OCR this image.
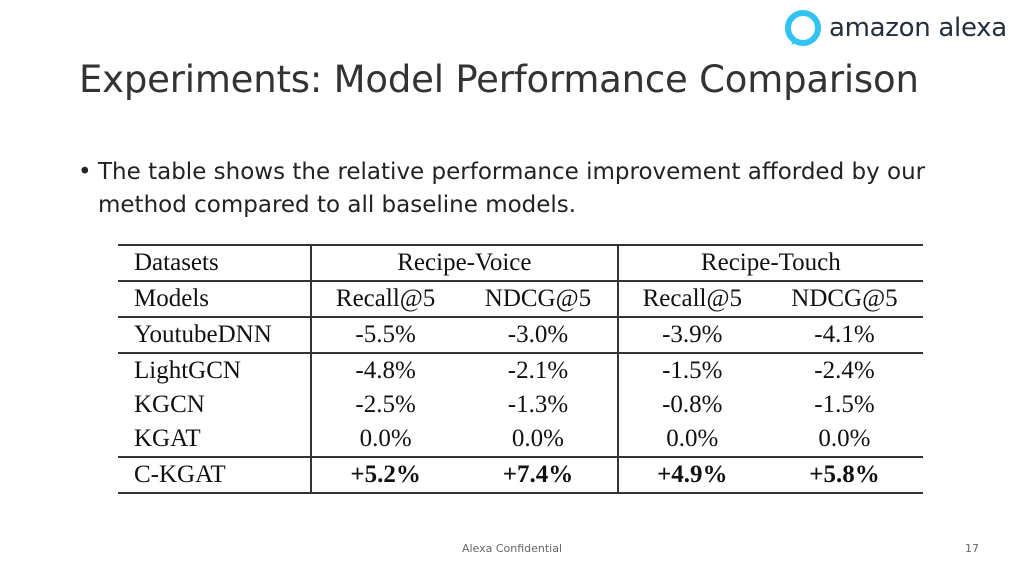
amazon alexa
Experiments: Model Performance Comparison
• The table shows the relative performance improvement afforded by our method compared to all baseline models.
Datasets	Recipe-Voice		Recipe-Touch	
Models	Recall@5	NDCG@5	Recall@5	NDCG@5
YoutubeDNN	-5.5%	-3.0%	-3.9%	-4.1%
LightGCN	-4.8%	-2.1%	-1.5%	-2.4%
KGCN	-2.5%	-1.3%	-0.8%	-1.5%
KGAT	0.0%	0.0%	0.0%	0.0%
C-KGAT	+5.2%	+7.4%	+4.9%	+5.8%
Alexa Confidential	17
